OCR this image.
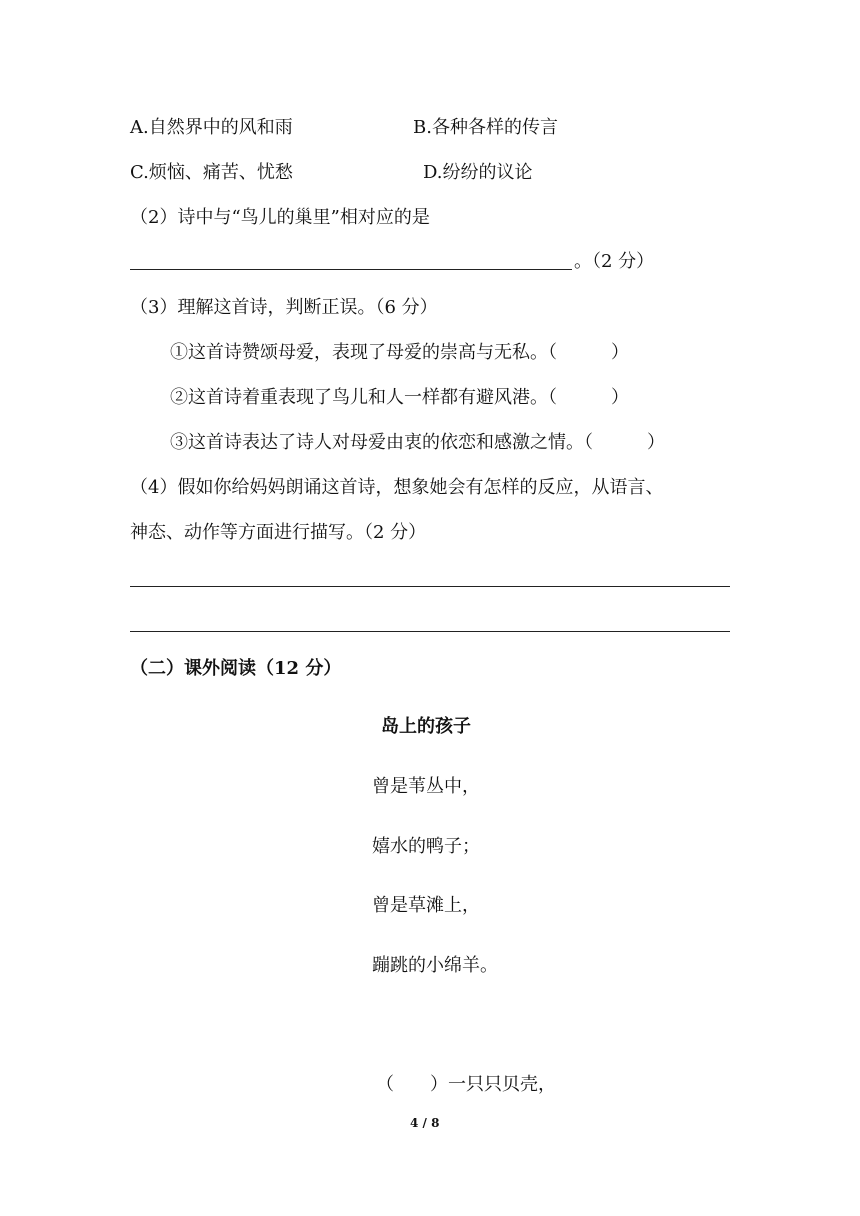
A.自然界中的风和雨	B.各种各样的传言
C.烦恼、痛苦、忧愁	D.纷纷的议论
（2）诗中与“鸟儿的巢里”相对应的是
。（2 分）
（3）理解这首诗，判断正误。（6 分）
①这首诗赞颂母爱，表现了母爱的崇高与无私。（　　　）
②这首诗着重表现了鸟儿和人一样都有避风港。（　　　）
③这首诗表达了诗人对母爱由衷的依恋和感激之情。（　　　）
（4）假如你给妈妈朗诵这首诗，想象她会有怎样的反应，从语言、
神态、动作等方面进行描写。（2 分）
（二）课外阅读（12 分）
岛上的孩子
曾是苇丛中，
嬉水的鸭子；
曾是草滩上，
蹦跳的小绵羊。
（　　）一只只贝壳，
4 / 8
